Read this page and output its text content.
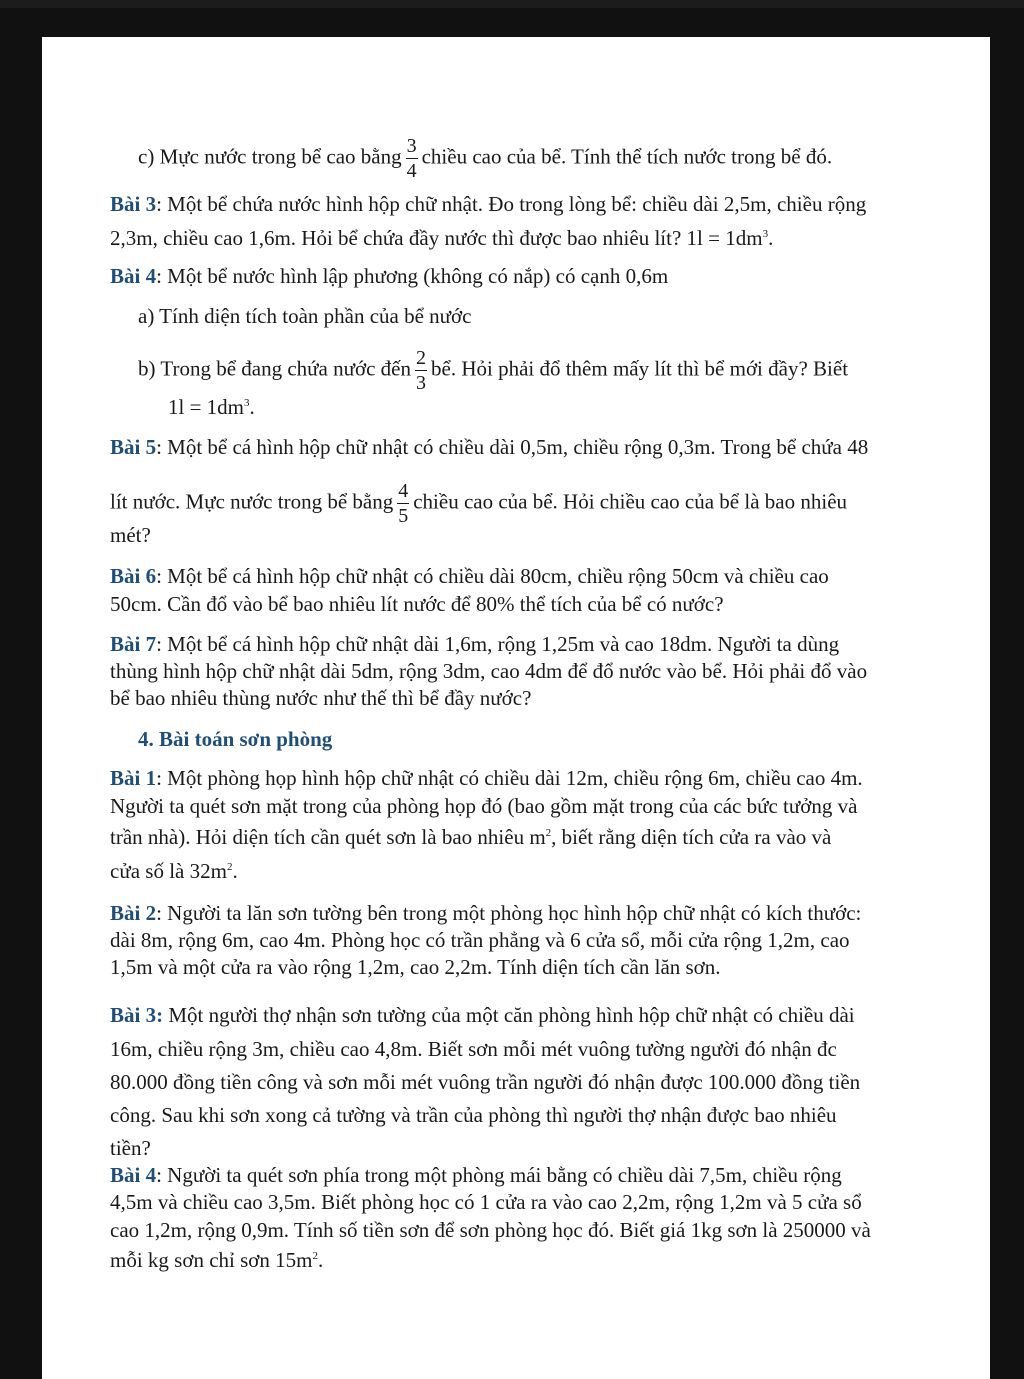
c) Mực nước trong bể cao bằng $\frac{3}{4}$ chiều cao của bể. Tính thể tích nước trong bể đó.
Bài 3: Một bể chứa nước hình hộp chữ nhật. Đo trong lòng bể: chiều dài 2,5m, chiều rộng
2,3m, chiều cao 1,6m. Hỏi bể chứa đầy nước thì được bao nhiêu lít? $1l = 1dm^3$.
Bài 4: Một bể nước hình lập phương (không có nắp) có cạnh 0,6m
a) Tính diện tích toàn phần của bể nước
b) Trong bể đang chứa nước đến $\frac{2}{3}$ bể. Hỏi phải đổ thêm mấy lít thì bể mới đầy? Biết
$1l = 1dm^3$.
Bài 5: Một bể cá hình hộp chữ nhật có chiều dài 0,5m, chiều rộng 0,3m. Trong bể chứa 48
lít nước. Mực nước trong bể bằng $\frac{4}{5}$ chiều cao của bể. Hỏi chiều cao của bể là bao nhiêu
mét?
Bài 6: Một bể cá hình hộp chữ nhật có chiều dài 80cm, chiều rộng 50cm và chiều cao
50cm. Cần đổ vào bể bao nhiêu lít nước để 80% thể tích của bể có nước?
Bài 7: Một bể cá hình hộp chữ nhật dài 1,6m, rộng 1,25m và cao 18dm. Người ta dùng
thùng hình hộp chữ nhật dài 5dm, rộng 3dm, cao 4dm để đổ nước vào bể. Hỏi phải đổ vào
bể bao nhiêu thùng nước như thế thì bể đầy nước?
4. Bài toán sơn phòng
Bài 1: Một phòng họp hình hộp chữ nhật có chiều dài 12m, chiều rộng 6m, chiều cao 4m.
Người ta quét sơn mặt trong của phòng họp đó (bao gồm mặt trong của các bức tưởng và
trần nhà). Hỏi diện tích cần quét sơn là bao nhiêu $m^2$, biết rằng diện tích cửa ra vào và
cửa số là $32m^2$.
Bài 2: Người ta lăn sơn tường bên trong một phòng học hình hộp chữ nhật có kích thước:
dài 8m, rộng 6m, cao 4m. Phòng học có trần phẳng và 6 cửa sổ, mỗi cửa rộng 1,2m, cao
1,5m và một cửa ra vào rộng 1,2m, cao 2,2m. Tính diện tích cần lăn sơn.
Bài 3: Một người thợ nhận sơn tường của một căn phòng hình hộp chữ nhật có chiều dài
16m, chiều rộng 3m, chiều cao 4,8m. Biết sơn mỗi mét vuông tường người đó nhận đc
80.000 đồng tiền công và sơn mỗi mét vuông trần người đó nhận được 100.000 đồng tiền
công. Sau khi sơn xong cả tường và trần của phòng thì người thợ nhận được bao nhiêu
tiền?
Bài 4: Người ta quét sơn phía trong một phòng mái bằng có chiều dài 7,5m, chiều rộng
4,5m và chiều cao 3,5m. Biết phòng học có 1 cửa ra vào cao 2,2m, rộng 1,2m và 5 cửa sổ
cao 1,2m, rộng 0,9m. Tính số tiền sơn để sơn phòng học đó. Biết giá 1kg sơn là 250000 và
mỗi kg sơn chỉ sơn $15m^2$.
